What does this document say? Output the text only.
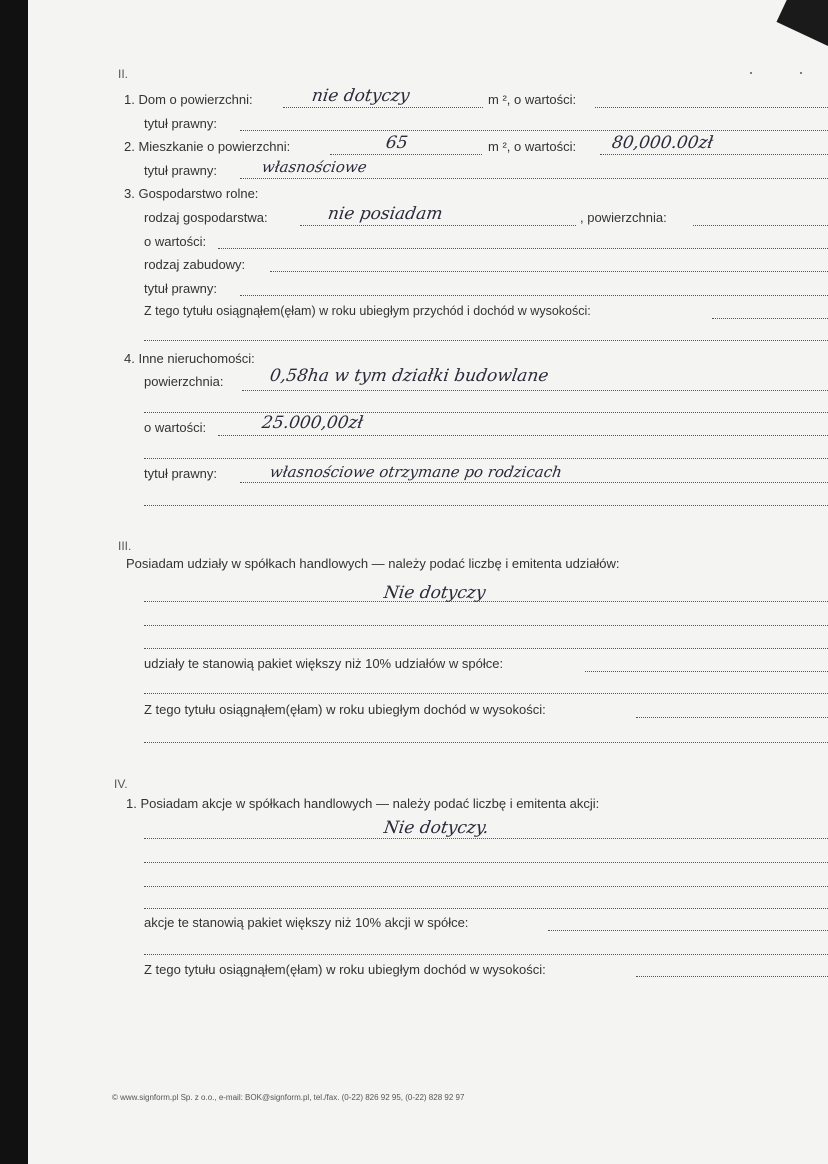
II.
1. Dom o powierzchni:	nie dotyczy	m ², o wartości:
tytuł prawny:
2. Mieszkanie o powierzchni:	65	m ², o wartości: 80,000.00zł
tytuł prawny:	własnościowe
3. Gospodarstwo rolne:
rodzaj gospodarstwa:	nie posiadam	, powierzchnia:
o wartości:
rodzaj zabudowy:
tytuł prawny:
Z tego tytułu osiągnąłem(ęłam) w roku ubiegłym przychód i dochód w wysokości:
4. Inne nieruchomości:
powierzchnia:	0,58ha w tym działki budowlane
o wartości:	25.000,00zł
tytuł prawny:	własnościowe otrzymane po rodzicach
III.
Posiadam udziały w spółkach handlowych — należy podać liczbę i emitenta udziałów:
Nie dotyczy
udziały te stanowią pakiet większy niż 10% udziałów w spółce:
Z tego tytułu osiągnąłem(ęłam) w roku ubiegłym dochód w wysokości:
IV.
1. Posiadam akcje w spółkach handlowych — należy podać liczbę i emitenta akcji:
Nie dotyczy.
akcje te stanowią pakiet większy niż 10% akcji w spółce:
Z tego tytułu osiągnąłem(ęłam) w roku ubiegłym dochód w wysokości:
© www.signform.pl Sp. z o.o., e-mail: BOK@signform.pl, tel./fax. (0-22) 826 92 95, (0-22) 828 92 97
